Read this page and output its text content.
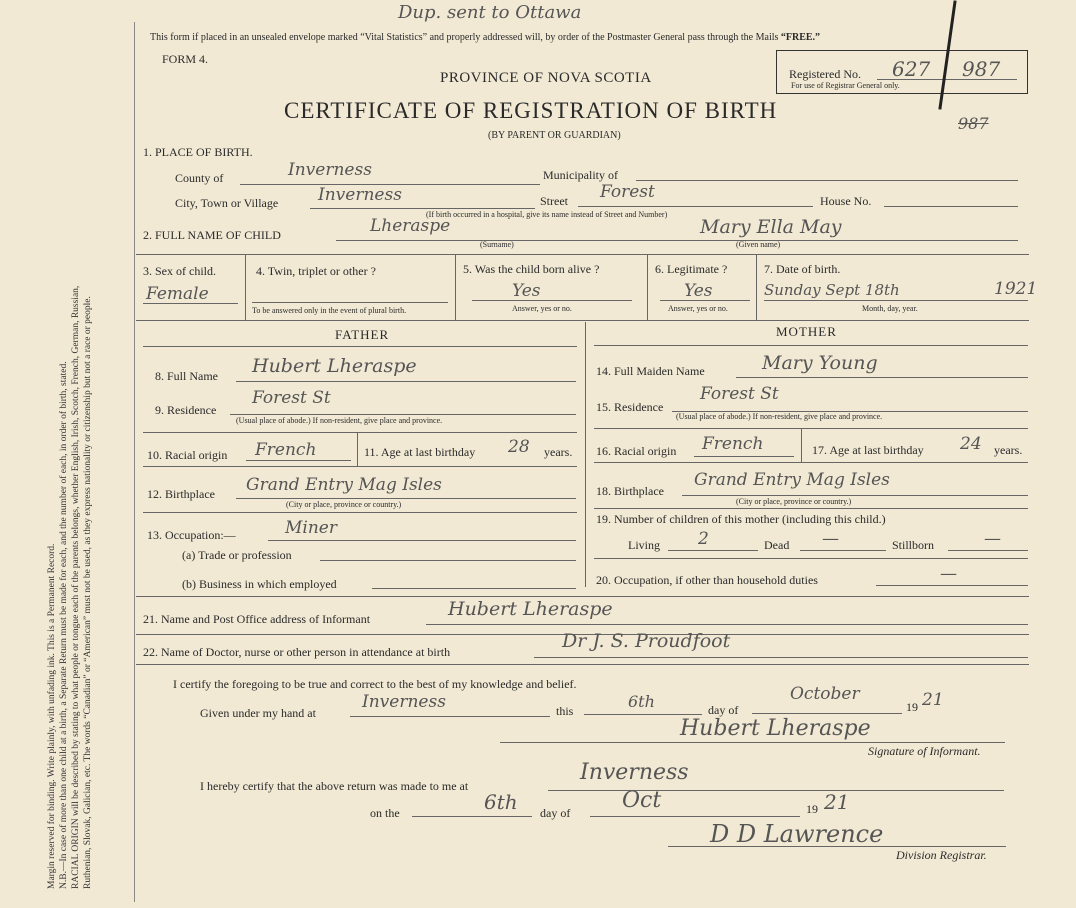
Margin reserved for binding. Write plainly, with unfading ink. This is a Permanent Record. N.B.—In case of more than one child at a birth, a Separate Return must be made for each, and the number of each, in order of birth, stated. RACIAL ORIGIN will be described by stating to what people or tongue each of the parents belongs, whether English, Irish, Scotch, French, German, Russian, Ruthenian, Slovak, Galician, etc. The words “Canadian” or “American” must not be used, as they express nationality or citizenship but not a race or people.
Dup. sent to Ottawa
This form if placed in an unsealed envelope marked “Vital Statistics” and properly addressed will, by order of the Postmaster General pass through the Mails “FREE.”
FORM 4.
Registered No. 627 987
For use of Registrar General only.
987
PROVINCE OF NOVA SCOTIA
CERTIFICATE OF REGISTRATION OF BIRTH
(BY PARENT OR GUARDIAN)
1. PLACE OF BIRTH.
County of	Inverness	Municipality of
City, Town or Village Inverness	Street Forest	House No.
(If birth occurred in a hospital, give its name instead of Street and Number)
2. FULL NAME OF CHILD	Lheraspe
(Surname)
Mary Ella May
(Given name)
3. Sex of child.
Female
4. Twin, triplet or other ?
To be answered only in the event of plural birth.
5. Was the child born alive ?
Yes
Answer, yes or no.
6. Legitimate ?
Yes
Answer, yes or no.
7. Date of birth.
Sunday Sept 18th	1921
Month, day, year.
FATHER	MOTHER
8. Full Name Hubert Lheraspe
9. Residence
Forest St
(Usual place of abode.) If non-resident, give place and province.
10. Racial origin French	11. Age at last birthday 28 years.
12. Birthplace Grand Entry Mag Isles
(City or place, province or country.)
13. Occupation:—	Miner
(a) Trade or profession
(b) Business in which employed
14. Full Maiden Name	Mary Young
15. Residence
Forest St
(Usual place of abode.) If non-resident, give place and province.
16. Racial origin French	17. Age at last birthday 24 years.
18. Birthplace
Grand Entry Mag Isles
(City or place, province or country.)
19. Number of children of this mother (including this child.)
Living 2	Dead —	Stillborn	—
20. Occupation, if other than household duties	—
21. Name and Post Office address of Informant	Hubert Lheraspe
22. Name of Doctor, nurse or other person in attendance at birth	Dr J. S. Proudfoot
I certify the foregoing to be true and correct to the best of my knowledge and belief.
Given under my hand at
Inverness	this	6th	day of
October
19 21
Hubert Lheraspe
Signature of Informant.
I hereby certify that the above return was made to me at
Inverness
on the	6th day of Oct	19 21
D D Lawrence
Division Registrar.
